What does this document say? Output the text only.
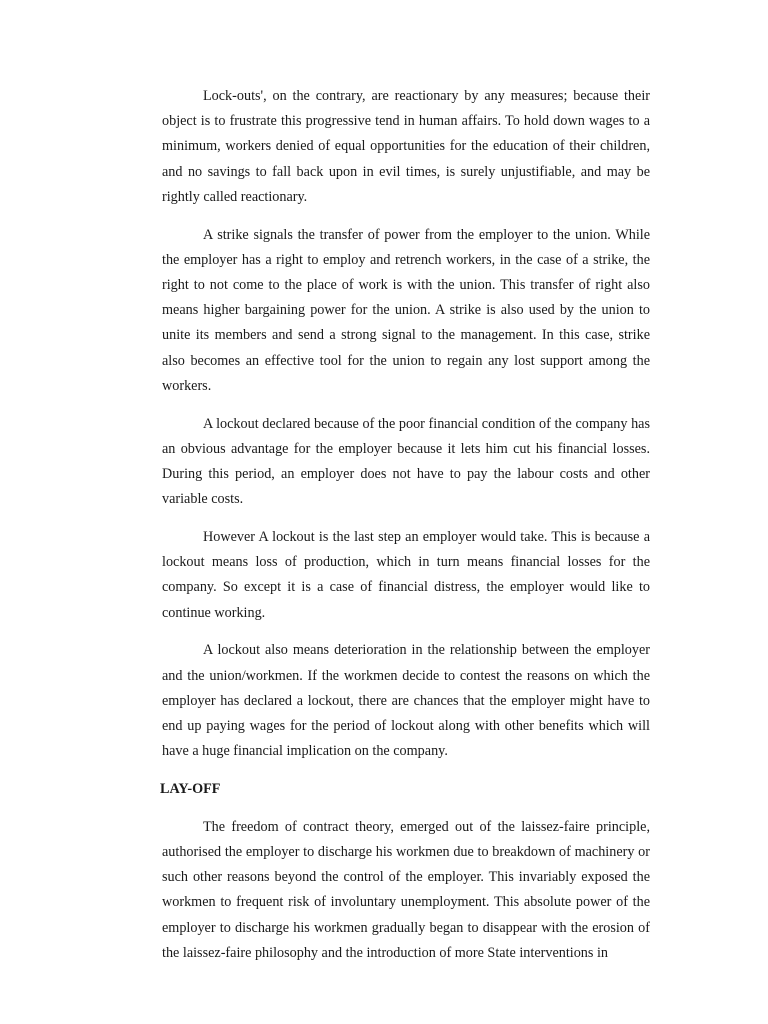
Lock-outs', on the contrary, are reactionary by any measures; because their object is to frustrate this progressive tend in human affairs. To hold down wages to a minimum, workers denied of equal opportunities for the education of their children, and no savings to fall back upon in evil times, is surely unjustifiable, and may be rightly called reactionary.

A strike signals the transfer of power from the employer to the union. While the employer has a right to employ and retrench workers, in the case of a strike, the right to not come to the place of work is with the union. This transfer of right also means higher bargaining power for the union. A strike is also used by the union to unite its members and send a strong signal to the management. In this case, strike also becomes an effective tool for the union to regain any lost support among the workers.

A lockout declared because of the poor financial condition of the company has an obvious advantage for the employer because it lets him cut his financial losses. During this period, an employer does not have to pay the labour costs and other variable costs.

However A lockout is the last step an employer would take. This is because a lockout means loss of production, which in turn means financial losses for the company. So except it is a case of financial distress, the employer would like to continue working.

A lockout also means deterioration in the relationship between the employer and the union/workmen. If the workmen decide to contest the reasons on which the employer has declared a lockout, there are chances that the employer might have to end up paying wages for the period of lockout along with other benefits which will have a huge financial implication on the company.

LAY-OFF

The freedom of contract theory, emerged out of the laissez-faire principle, authorised the employer to discharge his workmen due to breakdown of machinery or such other reasons beyond the control of the employer. This invariably exposed the workmen to frequent risk of involuntary unemployment. This absolute power of the employer to discharge his workmen gradually began to disappear with the erosion of the laissez-faire philosophy and the introduction of more State interventions in
